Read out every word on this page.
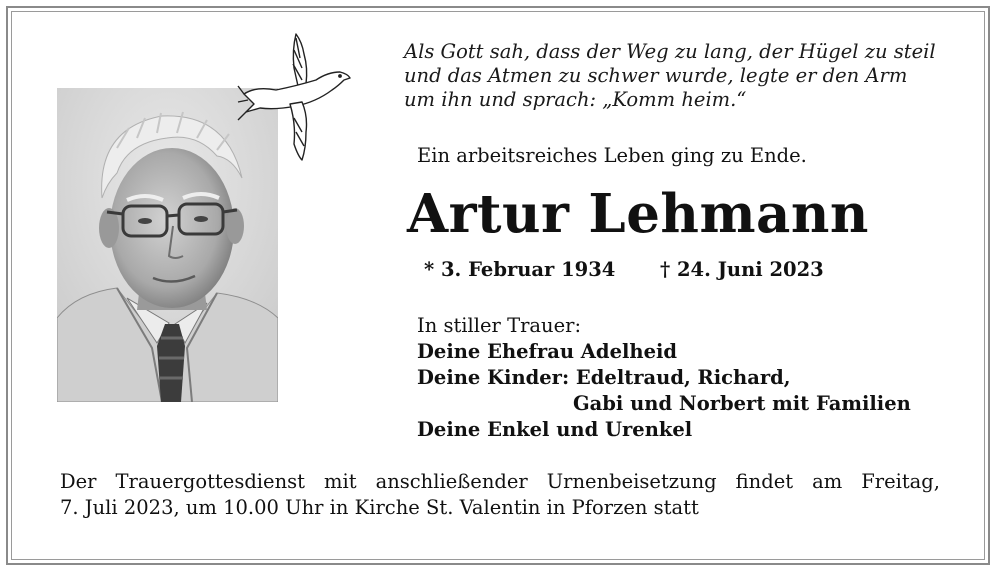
Als Gott sah, dass der Weg zu lang, der Hügel zu steil
und das Atmen zu schwer wurde, legte er den Arm
um ihn und sprach: „Komm heim.“
Ein arbeitsreiches Leben ging zu Ende.
Artur Lehmann
* 3. Februar 1934 † 24. Juni 2023
In stiller Trauer:
Deine Ehefrau Adelheid
Deine Kinder: Edeltraud, Richard,
Gabi und Norbert mit Familien
Deine Enkel und Urenkel
Der Trauergottesdienst mit anschließender Urnenbeisetzung findet am Freitag,
7. Juli 2023, um 10.00 Uhr in Kirche St. Valentin in Pforzen statt
